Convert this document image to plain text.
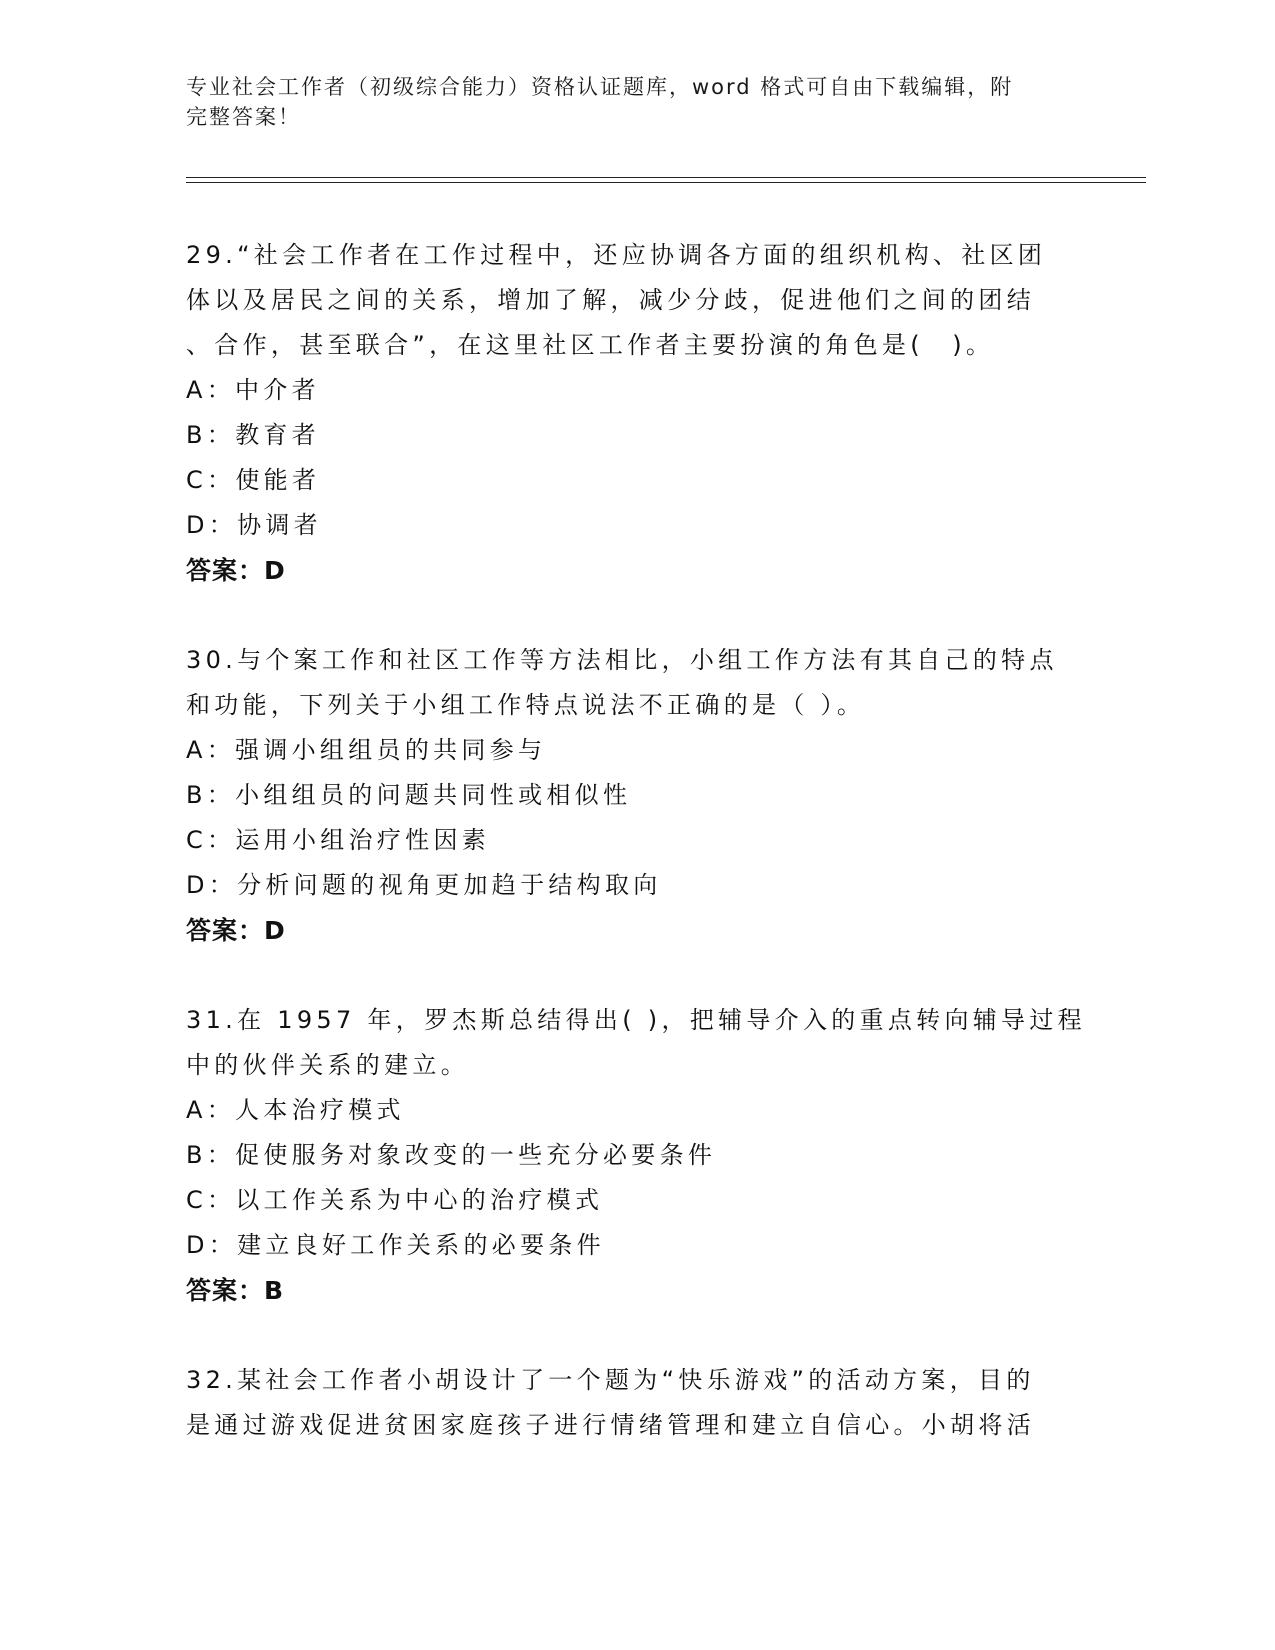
专业社会工作者（初级综合能力）资格认证题库，word 格式可自由下载编辑，附
完整答案！
29.“社会工作者在工作过程中，还应协调各方面的组织机构、社区团
体以及居民之间的关系，增加了解，减少分歧，促进他们之间的团结
、合作，甚至联合”，在这里社区工作者主要扮演的角色是(　)。
A：中介者
B：教育者
C：使能者
D：协调者
答案：D
30.与个案工作和社区工作等方法相比，小组工作方法有其自己的特点
和功能，下列关于小组工作特点说法不正确的是（ ）。
A：强调小组组员的共同参与
B：小组组员的问题共同性或相似性
C：运用小组治疗性因素
D：分析问题的视角更加趋于结构取向
答案：D
31.在 1957 年，罗杰斯总结得出( )，把辅导介入的重点转向辅导过程
中的伙伴关系的建立。
A：人本治疗模式
B：促使服务对象改变的一些充分必要条件
C：以工作关系为中心的治疗模式
D：建立良好工作关系的必要条件
答案：B
32.某社会工作者小胡设计了一个题为“快乐游戏”的活动方案，目的
是通过游戏促进贫困家庭孩子进行情绪管理和建立自信心。小胡将活
